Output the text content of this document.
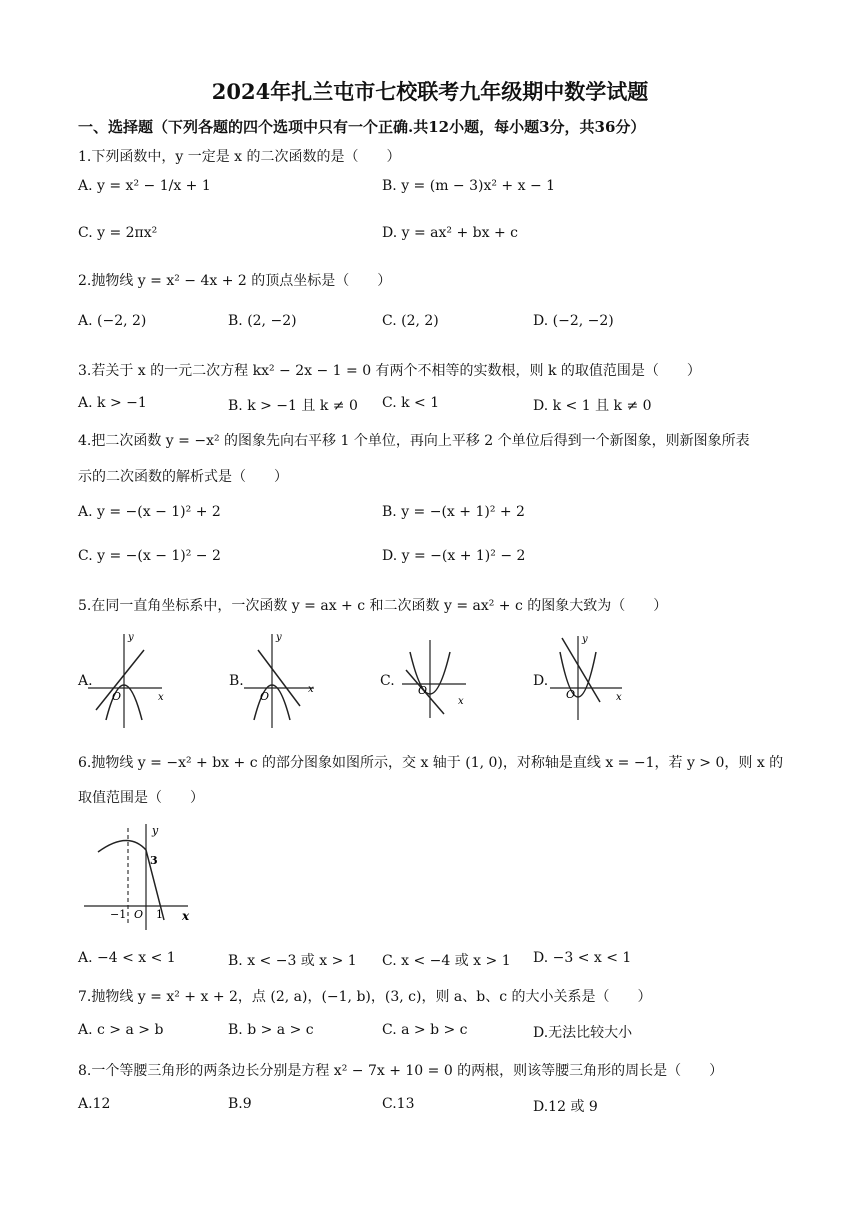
2024年扎兰屯市七校联考九年级期中数学试题
一、选择题（下列各题的四个选项中只有一个正确.共12小题，每小题3分，共36分）
1.下列函数中，y 一定是 x 的二次函数的是（　　）
A. y = x² − 1/x + 1	B. y = (m − 3)x² + x − 1
C. y = 2πx²	D. y = ax² + bx + c
2.抛物线 y = x² − 4x + 2 的顶点坐标是（　　）
A. (−2, 2)	B. (2, −2)	C. (2, 2)	D. (−2, −2)
3.若关于 x 的一元二次方程 kx² − 2x − 1 = 0 有两个不相等的实数根，则 k 的取值范围是（　　）
A. k > −1	B. k > −1 且 k ≠ 0 C. k < 1	D. k < 1 且 k ≠ 0
4.把二次函数 y = −x² 的图象先向右平移 1 个单位，再向上平移 2 个单位后得到一个新图象，则新图象所表
示的二次函数的解析式是（　　）
A. y = −(x − 1)² + 2	B. y = −(x + 1)² + 2
C. y = −(x − 1)² − 2	D. y = −(x + 1)² − 2
5.在同一直角坐标系中，一次函数 y = ax + c 和二次函数 y = ax² + c 的图象大致为（　　）
A.
y
x
O
B.
y
x
O
C.
x
O
D.
y
x
O
6.抛物线 y = −x² + bx + c 的部分图象如图所示，交 x 轴于 (1, 0)，对称轴是直线 x = −1，若 y > 0，则 x 的
取值范围是（　　）
y
x
3
−1 O 1
A. −4 < x < 1	B. x < −3 或 x > 1 C. x < −4 或 x > 1 D. −3 < x < 1
7.抛物线 y = x² + x + 2，点 (2, a)，(−1, b)，(3, c)，则 a、b、c 的大小关系是（　　）
A. c > a > b	B. b > a > c	C. a > b > c	D.无法比较大小
8.一个等腰三角形的两条边长分别是方程 x² − 7x + 10 = 0 的两根，则该等腰三角形的周长是（　　）
A.12	B.9	C.13	D.12 或 9
